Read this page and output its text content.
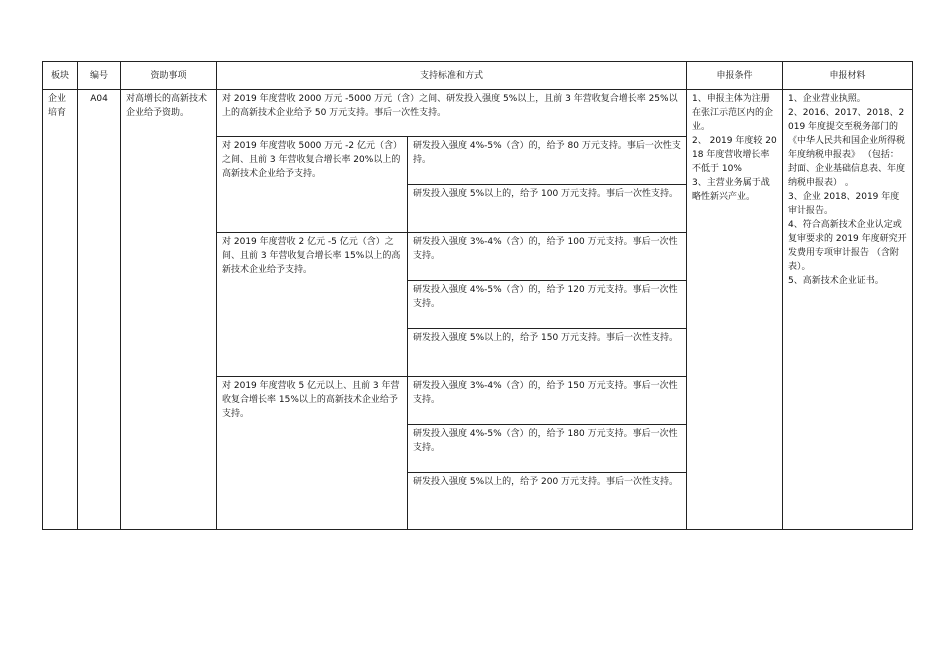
板块	编号	资助事项	支持标准和方式		申报条件	申报材料
企业培育	A04	对高增长的高新技术企业给予资助。	对 2019 年度营收 2000 万元 -5000 万元（含）之间、研发投入强度 5%以上，且前 3 年营收复合增长率 25%以上的高新技术企业给予 50 万元支持。事后一次性支持。		1、申报主体为注册在张江示范区内的企业。
2、 2019 年度较 2018 年度营收增长率不低于 10%
3、主营业务属于战略性新兴产业。	1、企业营业执照。
2、2016、2017、2018、2019 年度提交至税务部门的《中华人民共和国企业所得税年度纳税申报表》 （包括：封面、企业基础信息表、年度纳税申报表） 。
3、企业 2018、2019 年度审计报告。
4、符合高新技术企业认定或复审要求的 2019 年度研究开发费用专项审计报告 （含附表）。
5、高新技术企业证书。

			对 2019 年度营收 5000 万元 -2 亿元（含）之间、且前 3 年营收复合增长率 20%以上的高新技术企业给予支持。	研发投入强度 4%-5%（含）的，给予 80 万元支持。事后一次性支持。		
				研发投入强度 5%以上的，给予 100 万元支持。事后一次性支持。		
			对 2019 年度营收 2 亿元 -5 亿元（含）之间、且前 3 年营收复合增长率 15%以上的高新技术企业给予支持。	研发投入强度 3%-4%（含）的，给予 100 万元支持。事后一次性支持。		
				研发投入强度 4%-5%（含）的，给予 120 万元支持。事后一次性支持。		
				研发投入强度 5%以上的，给予 150 万元支持。事后一次性支持。		
			对 2019 年度营收 5 亿元以上、且前 3 年营收复合增长率 15%以上的高新技术企业给予支持。	研发投入强度 3%-4%（含）的，给予 150 万元支持。事后一次性支持。		
				研发投入强度 4%-5%（含）的，给予 180 万元支持。事后一次性支持。		
				研发投入强度 5%以上的，给予 200 万元支持。事后一次性支持。		
